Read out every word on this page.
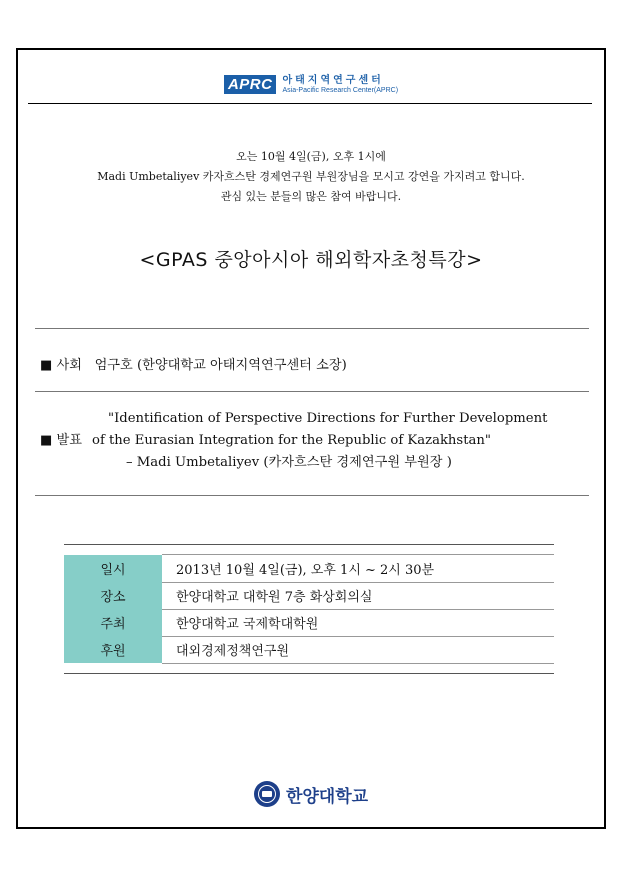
APRC	아태지역연구센터
Asia-Pacific Research Center(APRC)
오는 10월 4일(금), 오후 1시에
Madi Umbetaliyev 카자흐스탄 경제연구원 부원장님을 모시고 강연을 가지려고 합니다.
관심 있는 분들의 많은 참여 바랍니다.
<GPAS 중앙아시아 해외학자초청특강>
■ 사회 엄구호 (한양대학교 아태지역연구센터 소장)
"Identification of Perspective Directions for Further Development
■ 발표 of the Eurasian Integration for the Republic of Kazakhstan"
– Madi Umbetaliyev (카자흐스탄 경제연구원 부원장 )
일시	2013년 10월 4일(금), 오후 1시 ~ 2시 30분
장소	한양대학교 대학원 7층 화상회의실
주최	한양대학교 국제학대학원
후원	대외경제정책연구원
한양대학교
